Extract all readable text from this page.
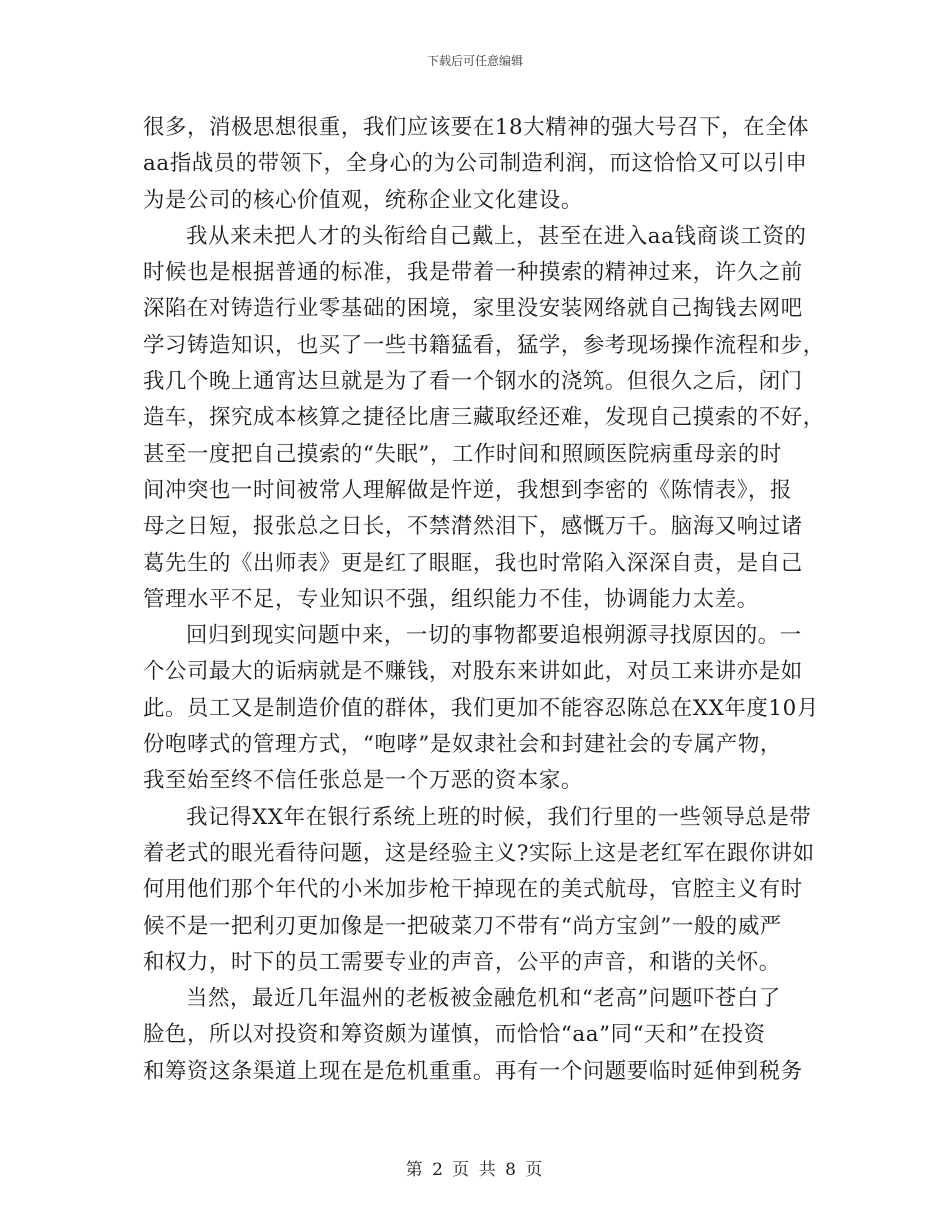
下载后可任意编辑

很多，消极思想很重，我们应该要在18大精神的强大号召下，在全体
aa指战员的带领下，全身心的为公司制造利润，而这恰恰又可以引申
为是公司的核心价值观，统称企业文化建设。

我从来未把人才的头衔给自己戴上，甚至在进入aa钱商谈工资的
时候也是根据普通的标准，我是带着一种摸索的精神过来，许久之前
深陷在对铸造行业零基础的困境，家里没安装网络就自己掏钱去网吧
学习铸造知识，也买了一些书籍猛看，猛学，参考现场操作流程和步，
我几个晚上通宵达旦就是为了看一个钢水的浇筑。但很久之后，闭门
造车，探究成本核算之捷径比唐三藏取经还难，发现自己摸索的不好，
甚至一度把自己摸索的“失眠”，工作时间和照顾医院病重母亲的时
间冲突也一时间被常人理解做是忤逆，我想到李密的《陈情表》，报
母之日短，报张总之日长，不禁潸然泪下，感慨万千。脑海又响过诸
葛先生的《出师表》更是红了眼眶，我也时常陷入深深自责，是自己
管理水平不足，专业知识不强，组织能力不佳，协调能力太差。

回归到现实问题中来，一切的事物都要追根朔源寻找原因的。一
个公司最大的诟病就是不赚钱，对股东来讲如此，对员工来讲亦是如
此。员工又是制造价值的群体，我们更加不能容忍陈总在XX年度10月
份咆哮式的管理方式，“咆哮”是奴隶社会和封建社会的专属产物，
我至始至终不信任张总是一个万恶的资本家。

我记得XX年在银行系统上班的时候，我们行里的一些领导总是带
着老式的眼光看待问题，这是经验主义?实际上这是老红军在跟你讲如
何用他们那个年代的小米加步枪干掉现在的美式航母，官腔主义有时
候不是一把利刃更加像是一把破菜刀不带有“尚方宝剑”一般的威严
和权力，时下的员工需要专业的声音，公平的声音，和谐的关怀。

当然，最近几年温州的老板被金融危机和“老高”问题吓苍白了
脸色，所以对投资和筹资颇为谨慎，而恰恰“aa”同“天和”在投资
和筹资这条渠道上现在是危机重重。再有一个问题要临时延伸到税务

第 2 页 共 8 页
